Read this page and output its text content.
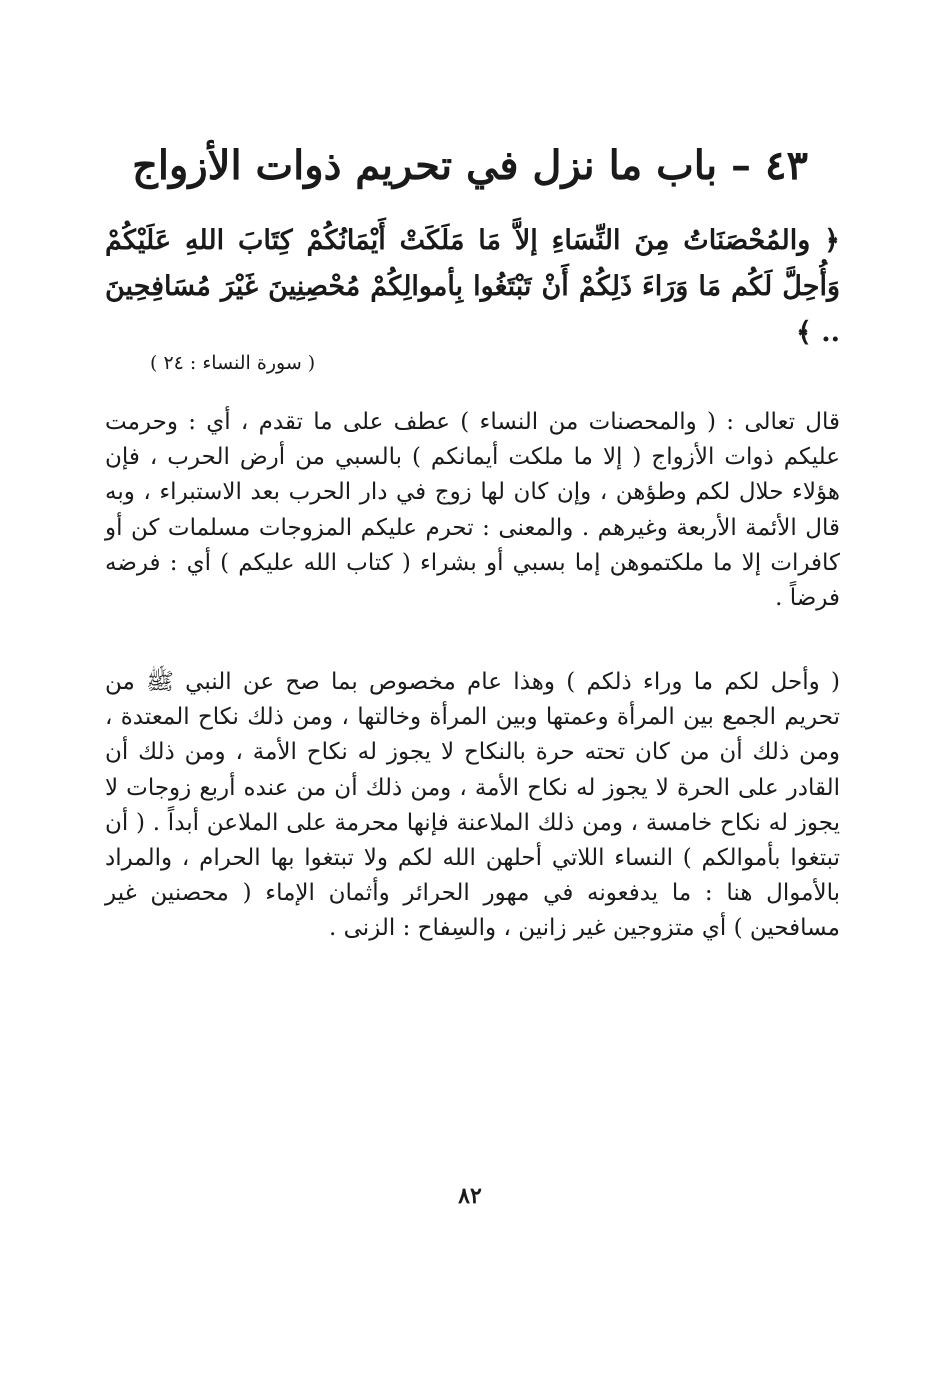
٤٣ – باب ما نزل في تحريم ذوات الأزواج

﴿ والمُحْصَنَاتُ مِنَ النِّسَاءِ إلاَّ مَا مَلَكَتْ أَيْمَانُكُمْ كِتَابَ اللهِ عَلَيْكُمْ وَأُحِلَّ لَكُم مَا وَرَاءَ ذَلِكُمْ أَنْ تَبْتَغُوا بِأموالِكُمْ مُحْصِنِينَ غَيْرَ مُسَافِحِينَ .. ﴾

( سورة النساء : ٢٤ )

قال تعالى : ( والمحصنات من النساء ) عطف على ما تقدم ، أي : وحرمت عليكم ذوات الأزواج ( إلا ما ملكت أيمانكم ) بالسبي من أرض الحرب ، فإن هؤلاء حلال لكم وطؤهن ، وإن كان لها زوج في دار الحرب بعد الاستبراء ، وبه قال الأئمة الأربعة وغيرهم . والمعنى : تحرم عليكم المزوجات مسلمات كن أو كافرات إلا ما ملكتموهن إما بسبي أو بشراء ( كتاب الله عليكم ) أي : فرضه فرضاً .

( وأحل لكم ما وراء ذلكم ) وهذا عام مخصوص بما صح عن النبي ﷺ من تحريم الجمع بين المرأة وعمتها وبين المرأة وخالتها ، ومن ذلك نكاح المعتدة ، ومن ذلك أن من كان تحته حرة بالنكاح لا يجوز له نكاح الأمة ، ومن ذلك أن القادر على الحرة لا يجوز له نكاح الأمة ، ومن ذلك أن من عنده أربع زوجات لا يجوز له نكاح خامسة ، ومن ذلك الملاعنة فإنها محرمة على الملاعن أبداً . ( أن تبتغوا بأموالكم ) النساء اللاتي أحلهن الله لكم ولا تبتغوا بها الحرام ، والمراد بالأموال هنا : ما يدفعونه في مهور الحرائر وأثمان الإماء ( محصنين غير مسافحين ) أي متزوجين غير زانين ، والسِفاح : الزنى .

٨٢
